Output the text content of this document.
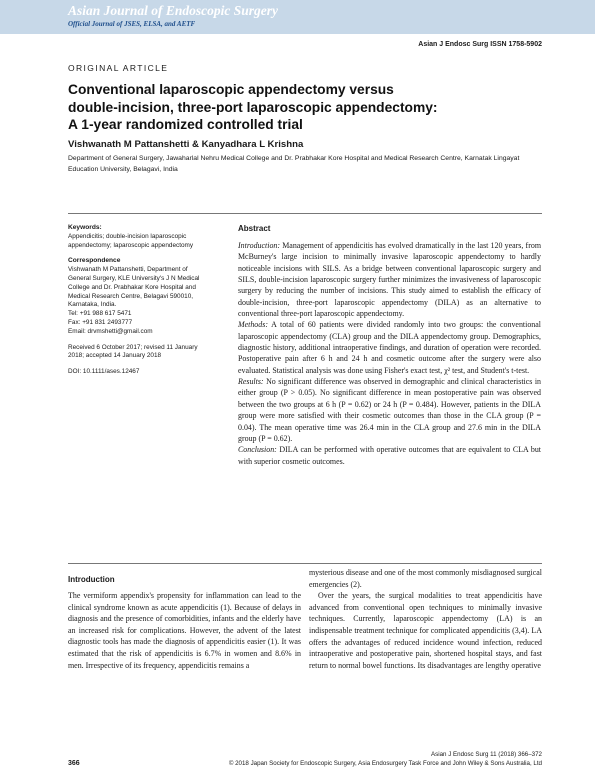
Asian Journal of Endoscopic Surgery
Official Journal of JSES, ELSA, and AETF
Asian J Endosc Surg ISSN 1758-5902
ORIGINAL ARTICLE
Conventional laparoscopic appendectomy versus
double-incision, three-port laparoscopic appendectomy:
A 1-year randomized controlled trial
Vishwanath M Pattanshetti & Kanyadhara L Krishna
Department of General Surgery, Jawaharlal Nehru Medical College and Dr. Prabhakar Kore Hospital and Medical Research Centre, Karnatak Lingayat
Education University, Belagavi, India
Keywords:
Appendicitis; double-incision laparoscopic
appendectomy; laparoscopic appendectomy
Correspondence
Vishwanath M Pattanshetti, Department of
General Surgery, KLE University's J N Medical
College and Dr. Prabhakar Kore Hospital and
Medical Research Centre, Belagavi 590010,
Karnataka, India.
Tel: +91 988 617 5471
Fax: +91 831 2493777
Email: drvmshetti@gmail.com
Received 6 October 2017; revised 11 January
2018; accepted 14 January 2018
DOI: 10.1111/ases.12467
Abstract

Introduction: Management of appendicitis has evolved dramatically in the last 120 years, from McBurney's large incision to minimally invasive laparoscopic appendectomy to hardly noticeable incisions with SILS. As a bridge between conventional laparoscopic surgery and SILS, double-incision laparoscopic surgery further minimizes the invasiveness of laparoscopic surgery by reducing the number of incisions. This study aimed to establish the efficacy of double-incision, three-port laparoscopic appendectomy (DILA) as an alternative to conventional three-port laparoscopic appendectomy.

Methods: A total of 60 patients were divided randomly into two groups: the conventional laparoscopic appendectomy (CLA) group and the DILA appendectomy group. Demographics, diagnostic history, additional intraoperative findings, and duration of operation were recorded. Postoperative pain after 6 h and 24 h and cosmetic outcome after the surgery were also evaluated. Statistical analysis was done using Fisher's exact test, χ² test, and Student's t-test.

Results: No significant difference was observed in demographic and clinical characteristics in either group (P > 0.05). No significant difference in mean postoperative pain was observed between the two groups at 6 h (P = 0.62) or 24 h (P = 0.484). However, patients in the DILA group were more satisfied with their cosmetic outcomes than those in the CLA group (P = 0.04). The mean operative time was 26.4 min in the CLA group and 27.6 min in the DILA group (P = 0.62).

Conclusion: DILA can be performed with operative outcomes that are equivalent to CLA but with superior cosmetic outcomes.

Introduction

The vermiform appendix's propensity for inflammation can lead to the clinical syndrome known as acute appendicitis (1). Because of delays in diagnosis and the presence of comorbidities, infants and the elderly have an increased risk for complications. However, the advent of the latest diagnostic tools has made the diagnosis of appendicitis easier (1). It was estimated that the risk of appendicitis is 6.7% in women and 8.6% in men. Irrespective of its frequency, appendicitis remains a

mysterious disease and one of the most commonly misdiagnosed surgical emergencies (2).

Over the years, the surgical modalities to treat appendicitis have advanced from conventional open techniques to minimally invasive techniques. Currently, laparoscopic appendectomy (LA) is an indispensable treatment technique for complicated appendicitis (3,4). LA offers the advantages of reduced incidence wound infection, reduced intraoperative and postoperative pain, shortened hospital stays, and fast return to normal bowel functions. Its disadvantages are lengthy operative

Asian J Endosc Surg 11 (2018) 366–372
366	© 2018 Japan Society for Endoscopic Surgery, Asia Endosurgery Task Force and John Wiley & Sons Australia, Ltd
